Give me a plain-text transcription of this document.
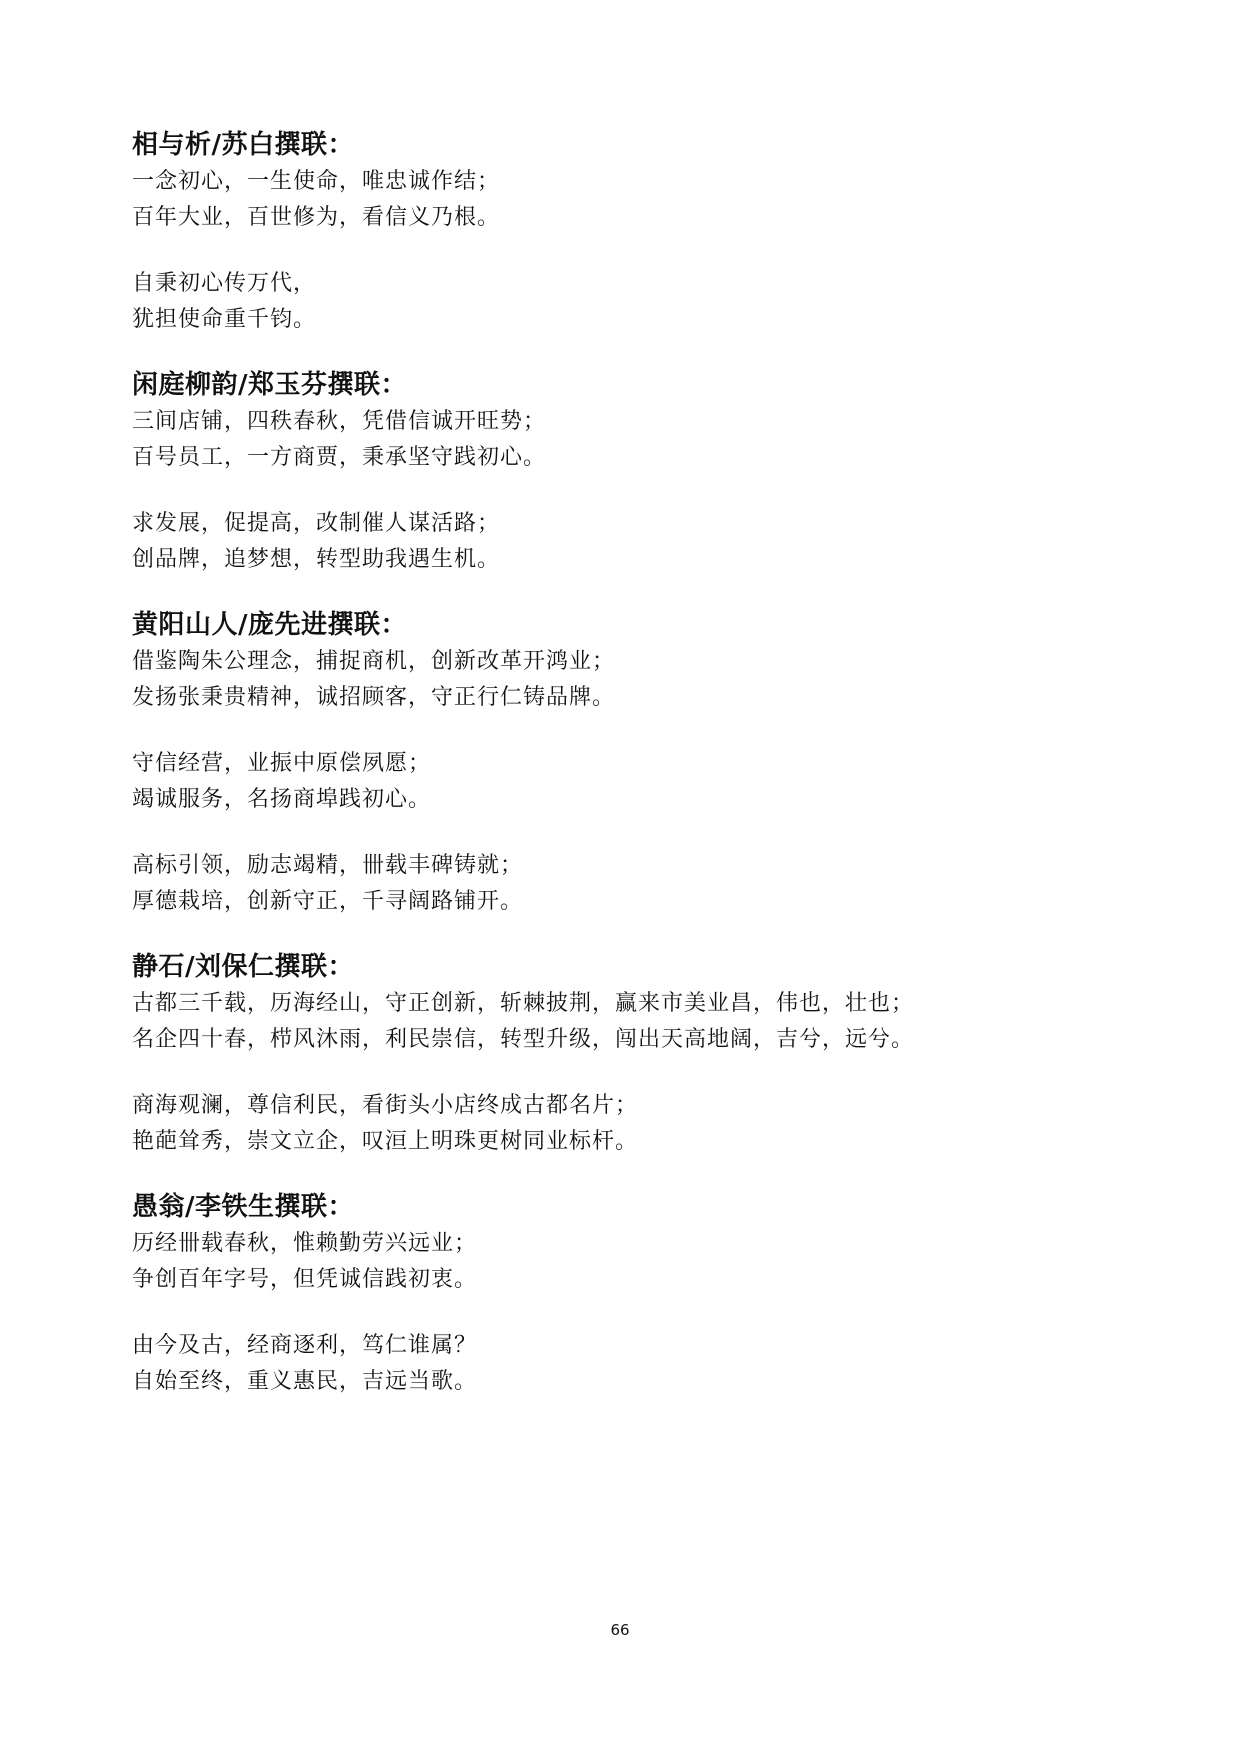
相与析/苏白撰联：
一念初心，一生使命，唯忠诚作结；
百年大业，百世修为，看信义乃根。
自秉初心传万代，
犹担使命重千钧。
闲庭柳韵/郑玉芬撰联：
三间店铺，四秩春秋，凭借信诚开旺势；
百号员工，一方商贾，秉承坚守践初心。
求发展，促提高，改制催人谋活路；
创品牌，追梦想，转型助我遇生机。
黄阳山人/庞先进撰联：
借鉴陶朱公理念，捕捉商机，创新改革开鸿业；
发扬张秉贵精神，诚招顾客，守正行仁铸品牌。
守信经营，业振中原偿夙愿；
竭诚服务，名扬商埠践初心。
高标引领，励志竭精，卌载丰碑铸就；
厚德栽培，创新守正，千寻阔路铺开。
静石/刘保仁撰联：
古都三千载，历海经山，守正创新，斩棘披荆，赢来市美业昌，伟也，壮也；
名企四十春，栉风沐雨，利民崇信，转型升级，闯出天高地阔，吉兮，远兮。
商海观澜，尊信利民，看街头小店终成古都名片；
艳葩耸秀，崇文立企，叹洹上明珠更树同业标杆。
愚翁/李铁生撰联：
历经卌载春秋，惟赖勤劳兴远业；
争创百年字号，但凭诚信践初衷。
由今及古，经商逐利，笃仁谁属？
自始至终，重义惠民，吉远当歌。
66
